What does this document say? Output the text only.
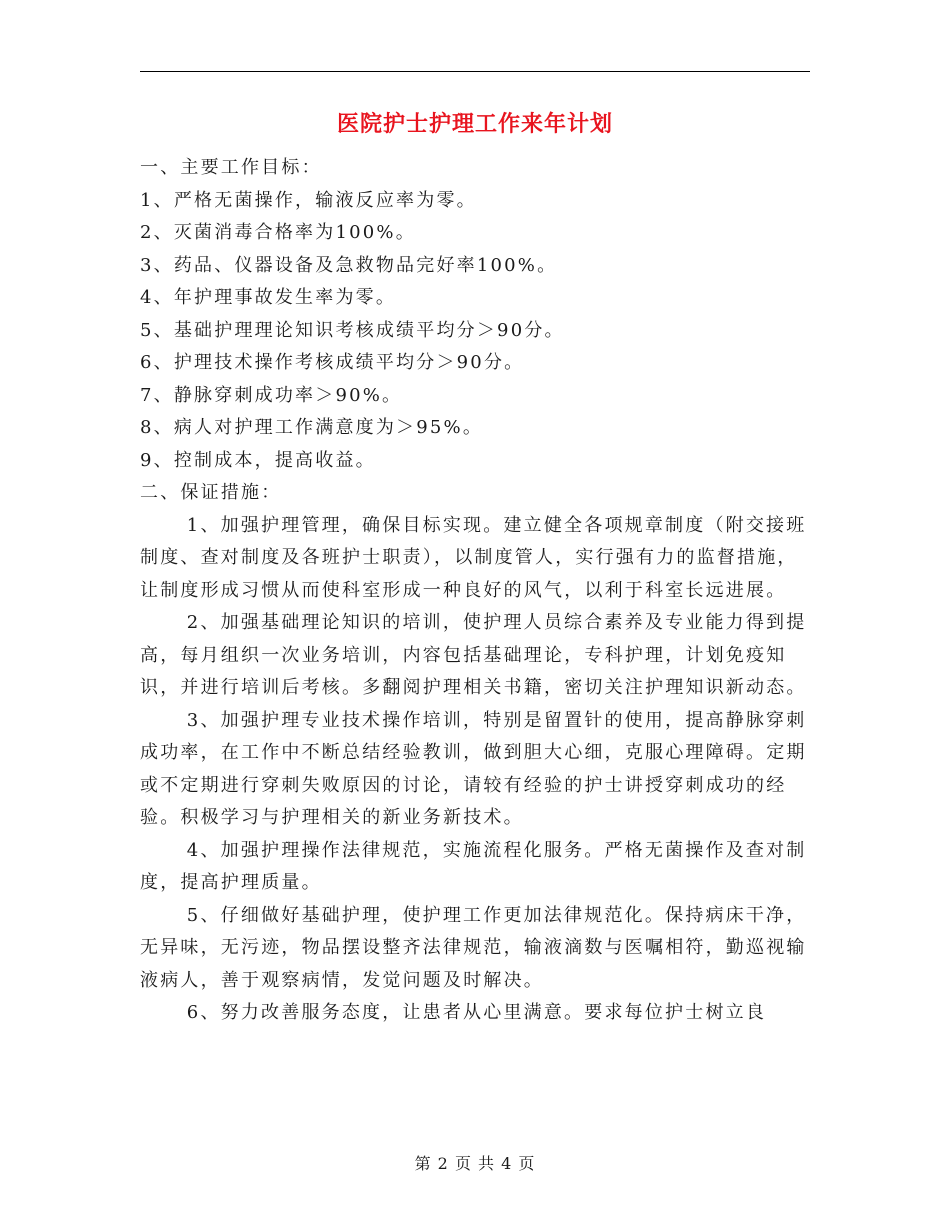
医院护士护理工作来年计划

一、主要工作目标：

1、严格无菌操作，输液反应率为零。

2、灭菌消毒合格率为100%。

3、药品、仪器设备及急救物品完好率100%。

4、年护理事故发生率为零。

5、基础护理理论知识考核成绩平均分＞90分。

6、护理技术操作考核成绩平均分＞90分。

7、静脉穿刺成功率＞90%。

8、病人对护理工作满意度为＞95%。

9、控制成本，提高收益。

二、保证措施：

1、加强护理管理，确保目标实现。建立健全各项规章制度（附交接班制度、查对制度及各班护士职责），以制度管人，实行强有力的监督措施，让制度形成习惯从而使科室形成一种良好的风气，以利于科室长远进展。

2、加强基础理论知识的培训，使护理人员综合素养及专业能力得到提高，每月组织一次业务培训，内容包括基础理论，专科护理，计划免疫知识，并进行培训后考核。多翻阅护理相关书籍，密切关注护理知识新动态。

3、加强护理专业技术操作培训，特别是留置针的使用，提高静脉穿刺成功率，在工作中不断总结经验教训，做到胆大心细，克服心理障碍。定期或不定期进行穿刺失败原因的讨论，请较有经验的护士讲授穿刺成功的经验。积极学习与护理相关的新业务新技术。

4、加强护理操作法律规范，实施流程化服务。严格无菌操作及查对制度，提高护理质量。

5、仔细做好基础护理，使护理工作更加法律规范化。保持病床干净，无异味，无污迹，物品摆设整齐法律规范，输液滴数与医嘱相符，勤巡视输液病人，善于观察病情，发觉问题及时解决。

6、努力改善服务态度，让患者从心里满意。要求每位护士树立良

第 2 页 共 4 页
